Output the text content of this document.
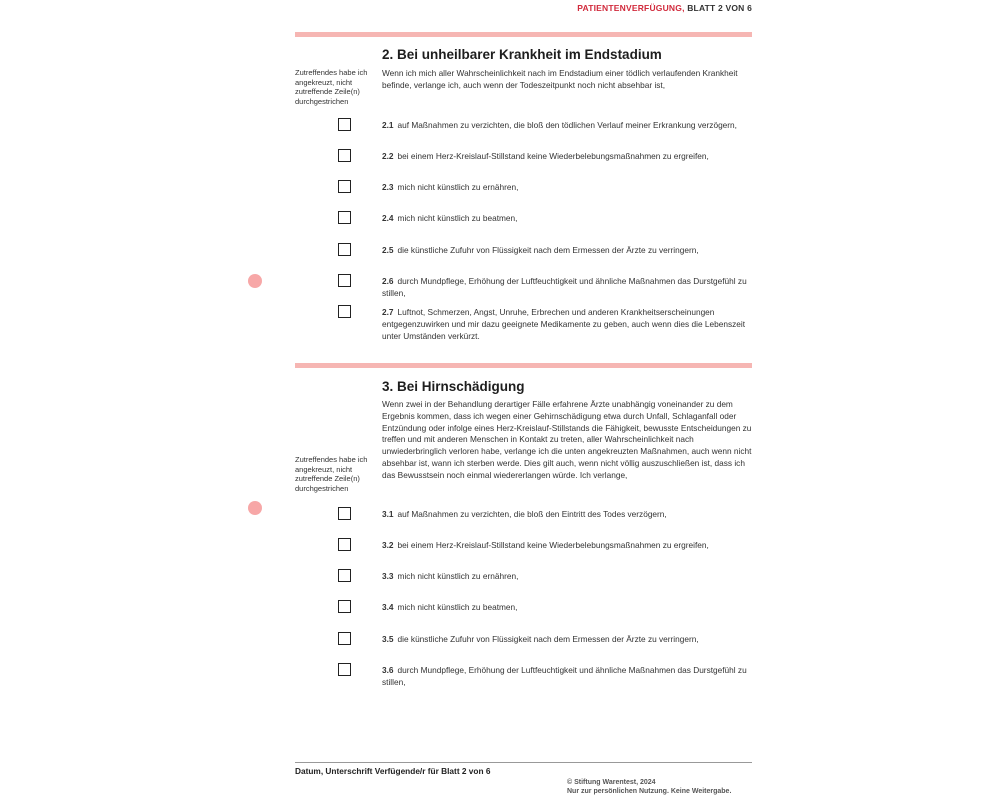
PATIENTENVERFÜGUNG, BLATT 2 VON 6
2. Bei unheilbarer Krankheit im Endstadium
Zutreffendes habe ich angekreuzt, nicht zutreffende Zeile(n) durchgestrichen
Wenn ich mich aller Wahrscheinlichkeit nach im Endstadium einer tödlich verlaufenden Krankheit befinde, verlange ich, auch wenn der Todeszeitpunkt noch nicht absehbar ist,
2.1 auf Maßnahmen zu verzichten, die bloß den tödlichen Verlauf meiner Erkrankung verzögern,
2.2 bei einem Herz-Kreislauf-Stillstand keine Wiederbelebungsmaßnahmen zu ergreifen,
2.3 mich nicht künstlich zu ernähren,
2.4 mich nicht künstlich zu beatmen,
2.5 die künstliche Zufuhr von Flüssigkeit nach dem Ermessen der Ärzte zu verringern,
2.6 durch Mundpflege, Erhöhung der Luftfeuchtigkeit und ähnliche Maßnahmen das Durstgefühl zu stillen,
2.7 Luftnot, Schmerzen, Angst, Unruhe, Erbrechen und anderen Krankheitserscheinungen entgegenzuwirken und mir dazu geeignete Medikamente zu geben, auch wenn dies die Lebenszeit unter Umständen verkürzt.
3. Bei Hirnschädigung
Wenn zwei in der Behandlung derartiger Fälle erfahrene Ärzte unabhängig voneinander zu dem Ergebnis kommen, dass ich wegen einer Gehirnschädigung etwa durch Unfall, Schlaganfall oder Entzündung oder infolge eines Herz-Kreislauf-Stillstands die Fähigkeit, bewusste Entscheidungen zu treffen und mit anderen Menschen in Kontakt zu treten, aller Wahrscheinlichkeit nach unwiederbringlich verloren habe, verlange ich die unten angekreuzten Maßnahmen, auch wenn nicht absehbar ist, wann ich sterben werde. Dies gilt auch, wenn nicht völlig auszuschließen ist, dass ich das Bewusstsein noch einmal wiedererlangen würde. Ich verlange,
Zutreffendes habe ich angekreuzt, nicht zutreffende Zeile(n) durchgestrichen
3.1 auf Maßnahmen zu verzichten, die bloß den Eintritt des Todes verzögern,
3.2 bei einem Herz-Kreislauf-Stillstand keine Wiederbelebungsmaßnahmen zu ergreifen,
3.3 mich nicht künstlich zu ernähren,
3.4 mich nicht künstlich zu beatmen,
3.5 die künstliche Zufuhr von Flüssigkeit nach dem Ermessen der Ärzte zu verringern,
3.6 durch Mundpflege, Erhöhung der Luftfeuchtigkeit und ähnliche Maßnahmen das Durstgefühl zu stillen,
Datum, Unterschrift Verfügende/r für Blatt 2 von 6
© Stiftung Warentest, 2024
Nur zur persönlichen Nutzung. Keine Weitergabe.
